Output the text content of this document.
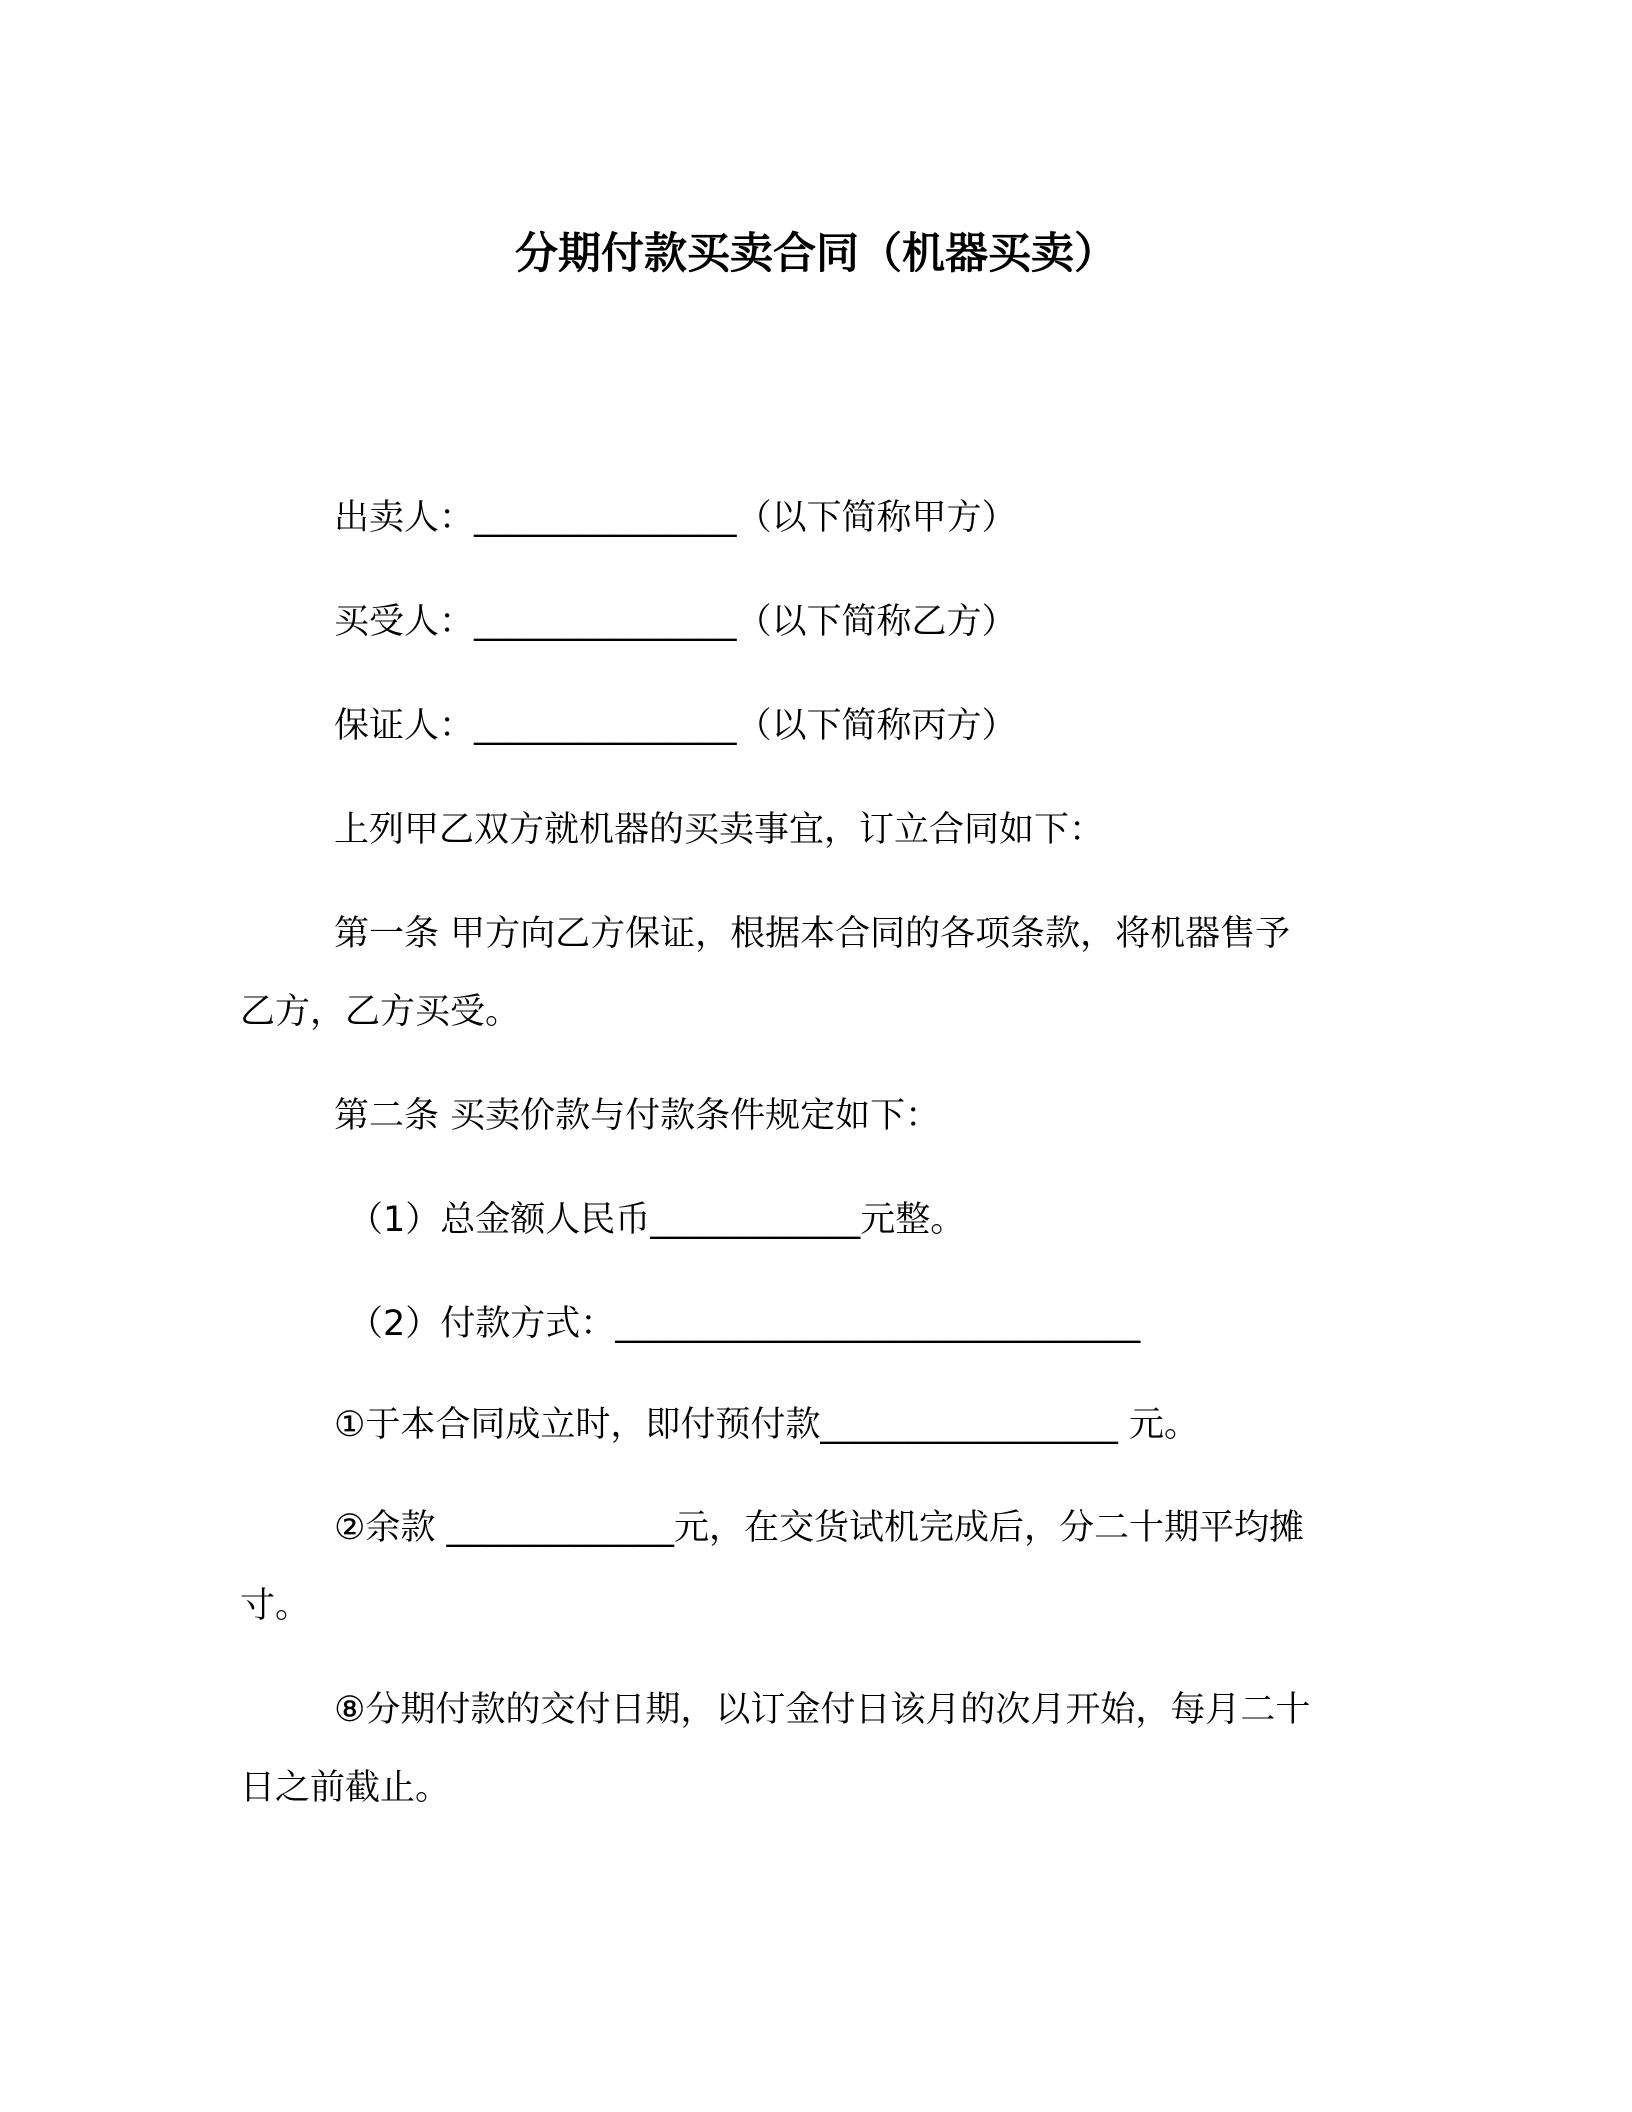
分期付款买卖合同（机器买卖）

出卖人：_______________（以下简称甲方）

买受人：_______________（以下简称乙方）

保证人：_______________（以下简称丙方）

上列甲乙双方就机器的买卖事宜，订立合同如下：

第一条 甲方向乙方保证，根据本合同的各项条款，将机器售予

乙方，乙方买受。

第二条 买卖价款与付款条件规定如下：

（1）总金额人民币____________元整。

（2）付款方式：______________________________

①于本合同成立时，即付预付款_________________ 元。

②余款 _____________元，在交货试机完成后，分二十期平均摊

寸。

⑧分期付款的交付日期，以订金付日该月的次月开始，每月二十

日之前截止。
